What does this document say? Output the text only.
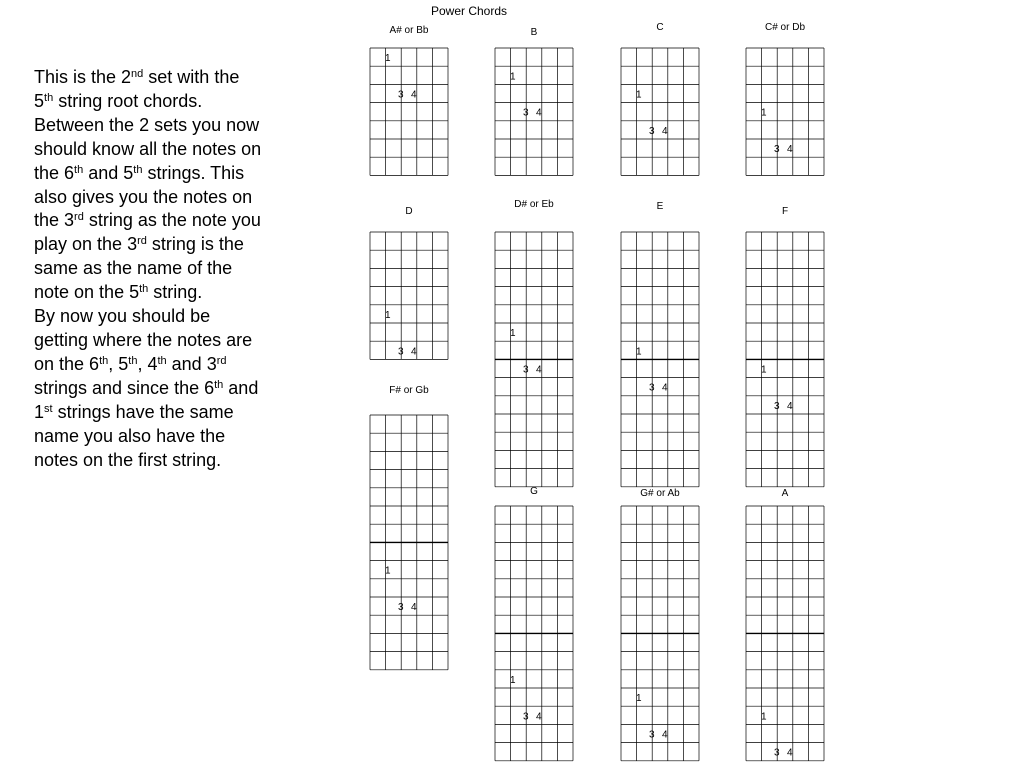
This is the 2nd set with the
5th string root chords.
Between the 2 sets you now
should know all the notes on
the 6th and 5th strings. This
also gives you the notes on
the 3rd string as the note you
play on the 3rd string is the
same as the name of the
note on the 5th string.
By now you should be
getting where the notes are
on the 6th, 5th, 4th and 3rd
strings and since the 6th and
1st strings have the same
name you also have the
notes on the first string.
Power Chords
A# or Bb
1
3 4
B
1
3 4
C
1
3 4
C# or Db
1
3 4
D
1
3 4
D# or Eb
1
3 4
E
1
3 4
F
1
3 4
F# or Gb
1
3 4
G
1
3 4
G# or Ab
1
3 4
A
1
3 4
